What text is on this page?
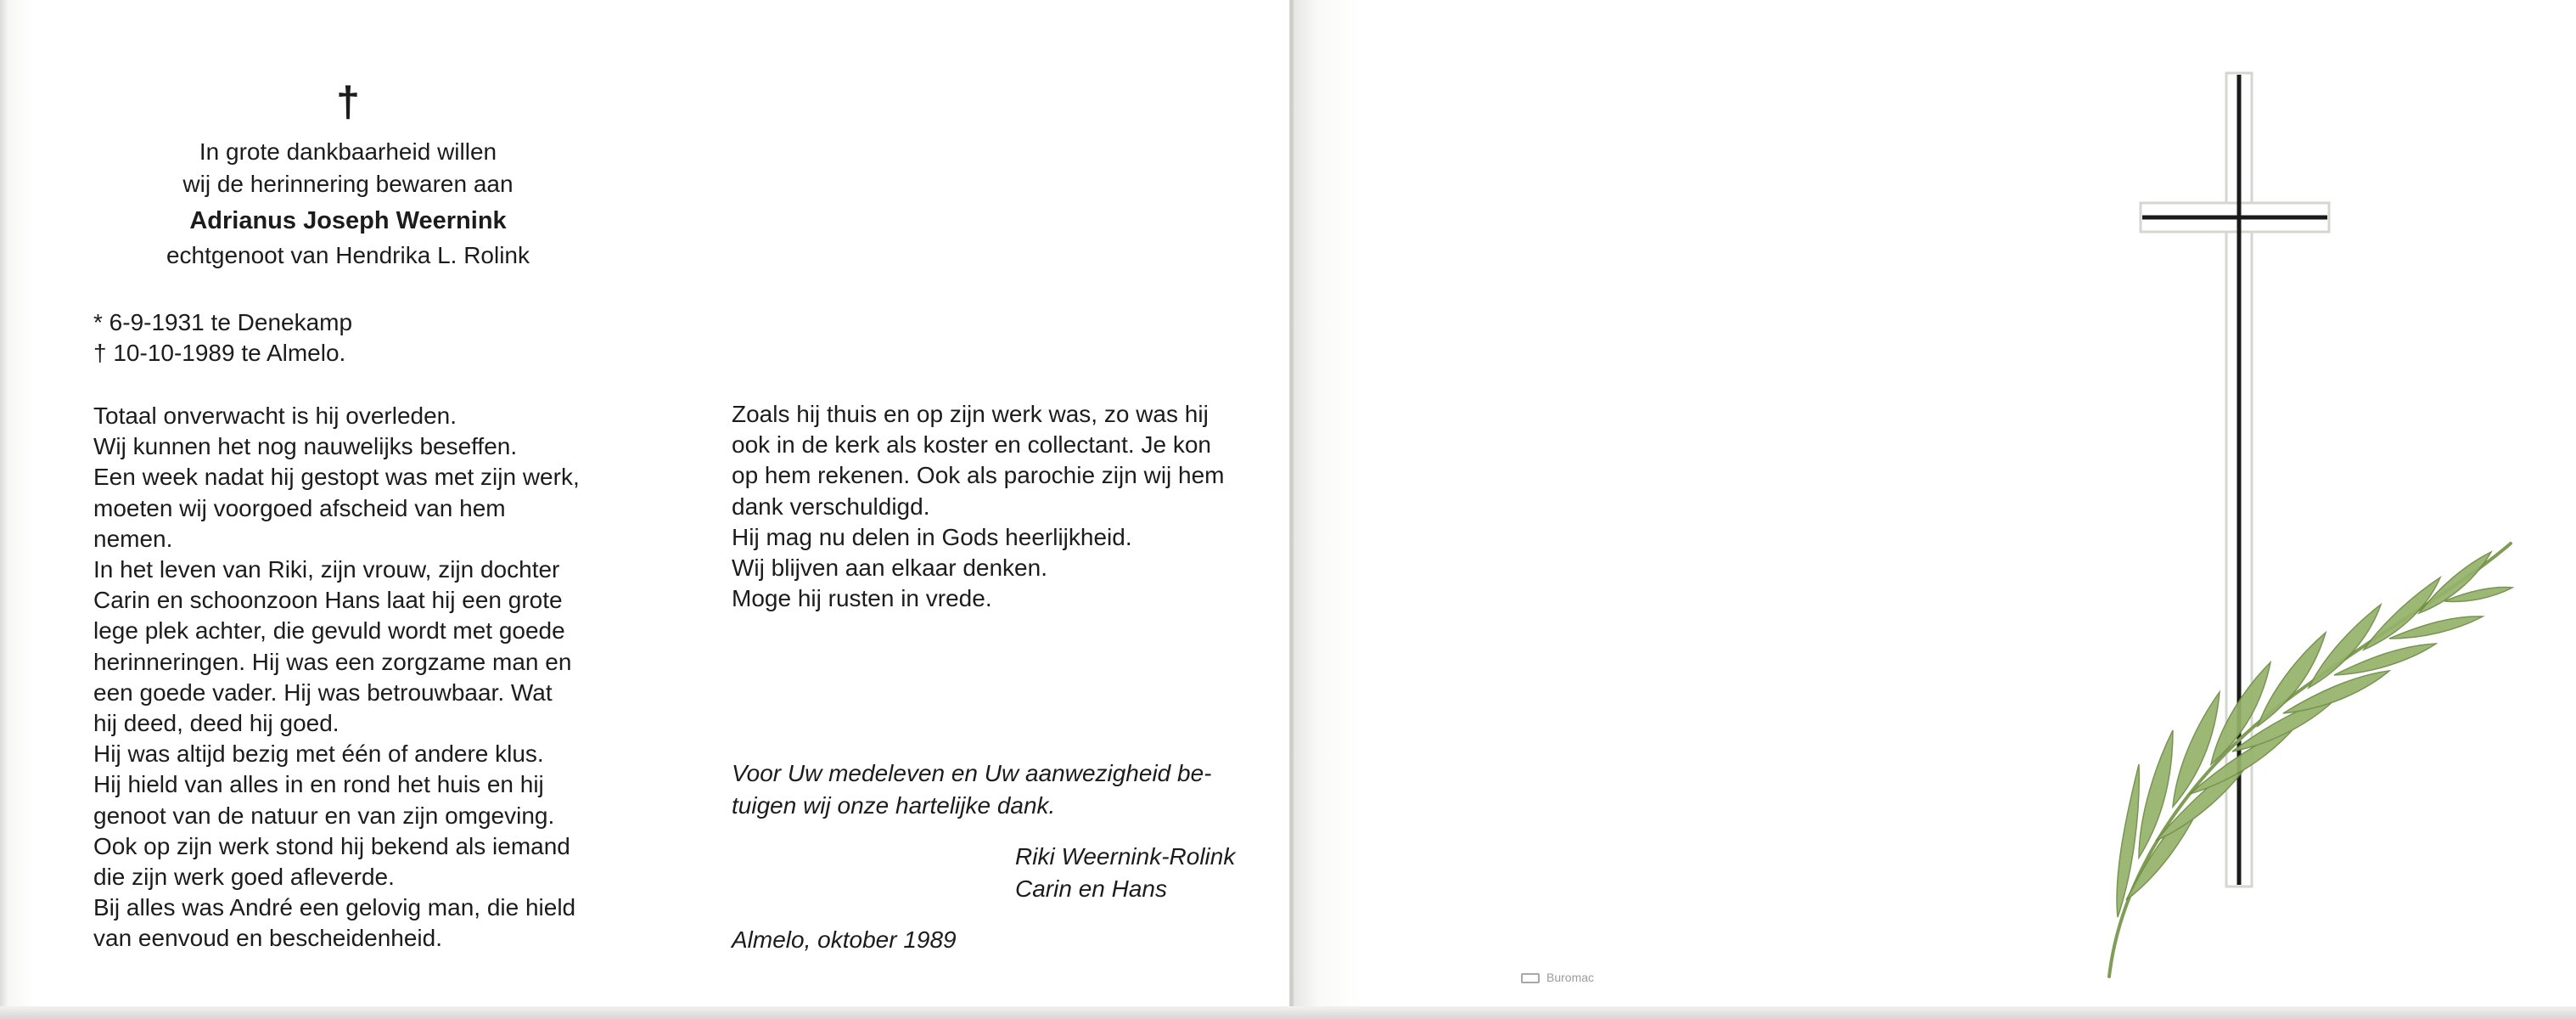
†
In grote dankbaarheid willen
wij de herinnering bewaren aan
Adrianus Joseph Weernink
echtgenoot van Hendrika L. Rolink
* 6-9-1931 te Denekamp
† 10-10-1989 te Almelo.
Totaal onverwacht is hij overleden.
Wij kunnen het nog nauwelijks beseffen.
Een week nadat hij gestopt was met zijn werk,
moeten wij voorgoed afscheid van hem
nemen.
In het leven van Riki, zijn vrouw, zijn dochter
Carin en schoonzoon Hans laat hij een grote
lege plek achter, die gevuld wordt met goede
herinneringen. Hij was een zorgzame man en
een goede vader. Hij was betrouwbaar. Wat
hij deed, deed hij goed.
Hij was altijd bezig met één of andere klus.
Hij hield van alles in en rond het huis en hij
genoot van de natuur en van zijn omgeving.
Ook op zijn werk stond hij bekend als iemand
die zijn werk goed afleverde.
Bij alles was André een gelovig man, die hield
van eenvoud en bescheidenheid.
Zoals hij thuis en op zijn werk was, zo was hij
ook in de kerk als koster en collectant. Je kon
op hem rekenen. Ook als parochie zijn wij hem
dank verschuldigd.
Hij mag nu delen in Gods heerlijkheid.
Wij blijven aan elkaar denken.
Moge hij rusten in vrede.
Voor Uw medeleven en Uw aanwezigheid be-
tuigen wij onze hartelijke dank.
Riki Weernink-Rolink
Carin en Hans
Almelo, oktober 1989
Buromac
